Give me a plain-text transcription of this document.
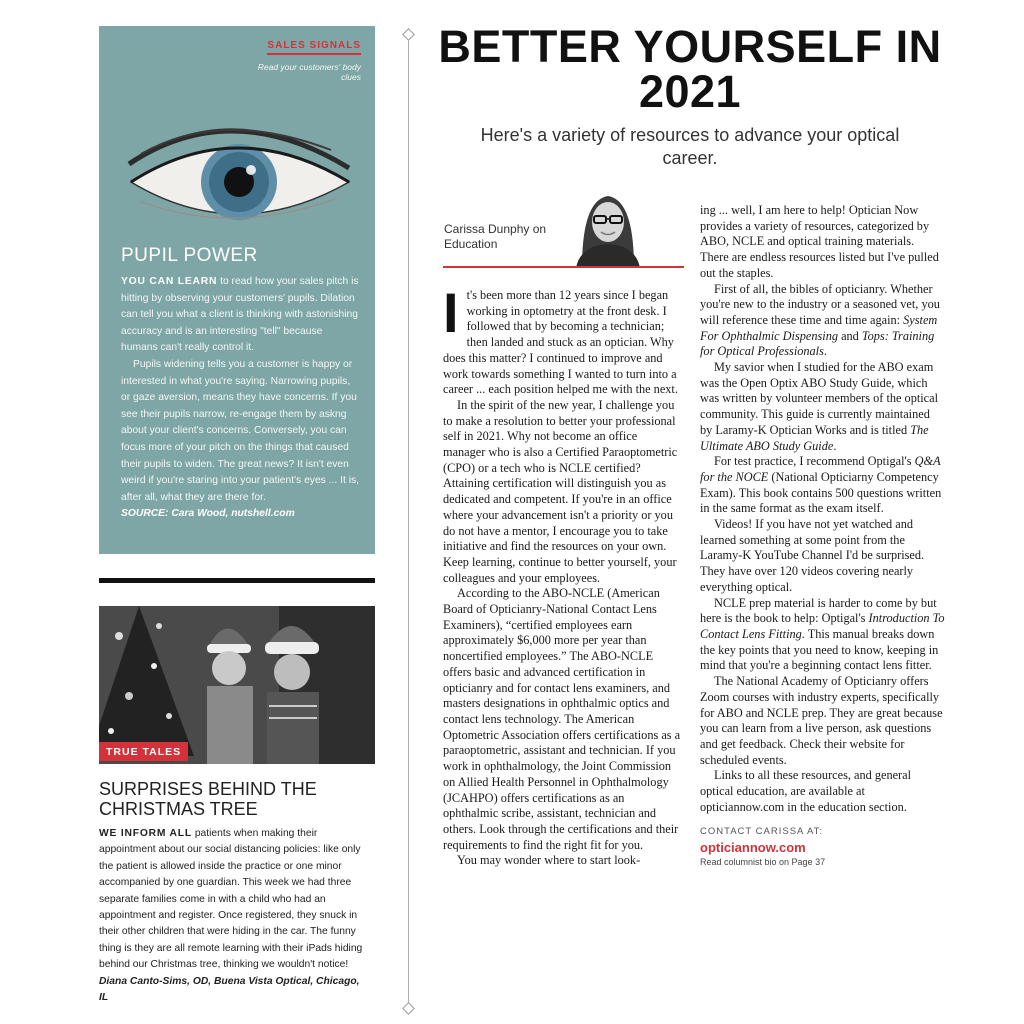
SALES SIGNALS
Read your customers' body clues
PUPIL POWER

YOU CAN LEARN to read how your sales pitch is hitting by observing your customers' pupils. Dilation can tell you what a client is thinking with astonishing accuracy and is an interesting "tell" because humans can't really control it.

Pupils widening tells you a customer is happy or interested in what you're saying. Narrowing pupils, or gaze aversion, means they have concerns. If you see their pupils narrow, re-engage them by askng about your client's concerns. Conversely, you can focus more of your pitch on the things that caused their pupils to widen. The great news? It isn't even weird if you're staring into your patient's eyes ... It is, after all, what they are there for.

SOURCE: Cara Wood, nutshell.com

TRUE TALES
SURPRISES BEHIND THE CHRISTMAS TREE
WE INFORM ALL patients when making their appointment about our social distancing policies: like only the patient is allowed inside the practice or one minor accompanied by one guardian. This week we had three separate families come in with a child who had an appointment and register. Once registered, they snuck in their other children that were hiding in the car. The funny thing is they are all remote learning with their iPads hiding behind our Christmas tree, thinking we wouldn't notice! Diana Canto-Sims, OD, Buena Vista Optical, Chicago, IL
BETTER YOURSELF IN 2021
Here's a variety of resources to advance your optical career.
Carissa Dunphy on Education

It's been more than 12 years since I began working in optometry at the front desk. I followed that by becoming a technician; then landed and stuck as an optician. Why does this matter? I continued to improve and work towards something I wanted to turn into a career ... each position helped me with the next.

In the spirit of the new year, I challenge you to make a resolution to better your professional self in 2021. Why not become an office manager who is also a Certified Paraoptometric (CPO) or a tech who is NCLE certified? Attaining certification will distinguish you as dedicated and competent. If you're in an office where your advancement isn't a priority or you do not have a mentor, I encourage you to take initiative and find the resources on your own. Keep learning, continue to better yourself, your colleagues and your employees.

According to the ABO-NCLE (American Board of Opticianry-National Contact Lens Examiners), “certified employees earn approximately $6,000 more per year than noncertified employees.” The ABO-NCLE offers basic and advanced certification in opticianry and for contact lens examiners, and masters designations in ophthalmic optics and contact lens technology. The American Optometric Association offers certifications as a paraoptometric, assistant and technician. If you work in ophthalmology, the Joint Commission on Allied Health Personnel in Ophthalmology (JCAHPO) offers certifications as an ophthalmic scribe, assistant, technician and others. Look through the certifications and their requirements to find the right fit for you.

You may wonder where to start look-

ing ... well, I am here to help! Optician Now provides a variety of resources, categorized by ABO, NCLE and optical training materials. There are endless resources listed but I've pulled out the staples.

First of all, the bibles of opticianry. Whether you're new to the industry or a seasoned vet, you will reference these time and time again: System For Ophthalmic Dispensing and Tops: Training for Optical Professionals.

My savior when I studied for the ABO exam was the Open Optix ABO Study Guide, which was written by volunteer members of the optical community. This guide is currently maintained by Laramy-K Optician Works and is titled The Ultimate ABO Study Guide.

For test practice, I recommend Optigal's Q&A for the NOCE (National Opticiarny Competency Exam). This book contains 500 questions written in the same format as the exam itself.

Videos! If you have not yet watched and learned something at some point from the Laramy-K YouTube Channel I'd be surprised. They have over 120 videos covering nearly everything optical.

NCLE prep material is harder to come by but here is the book to help: Optigal's Introduction To Contact Lens Fitting. This manual breaks down the key points that you need to know, keeping in mind that you're a beginning contact lens fitter.

The National Academy of Opticianry offers Zoom courses with industry experts, specifically for ABO and NCLE prep. They are great because you can learn from a live person, ask questions and get feedback. Check their website for scheduled events.

Links to all these resources, and general optical education, are available at opticiannow.com in the education section.

CONTACT CARISSA AT:

opticiannow.com

Read columnist bio on Page 37
